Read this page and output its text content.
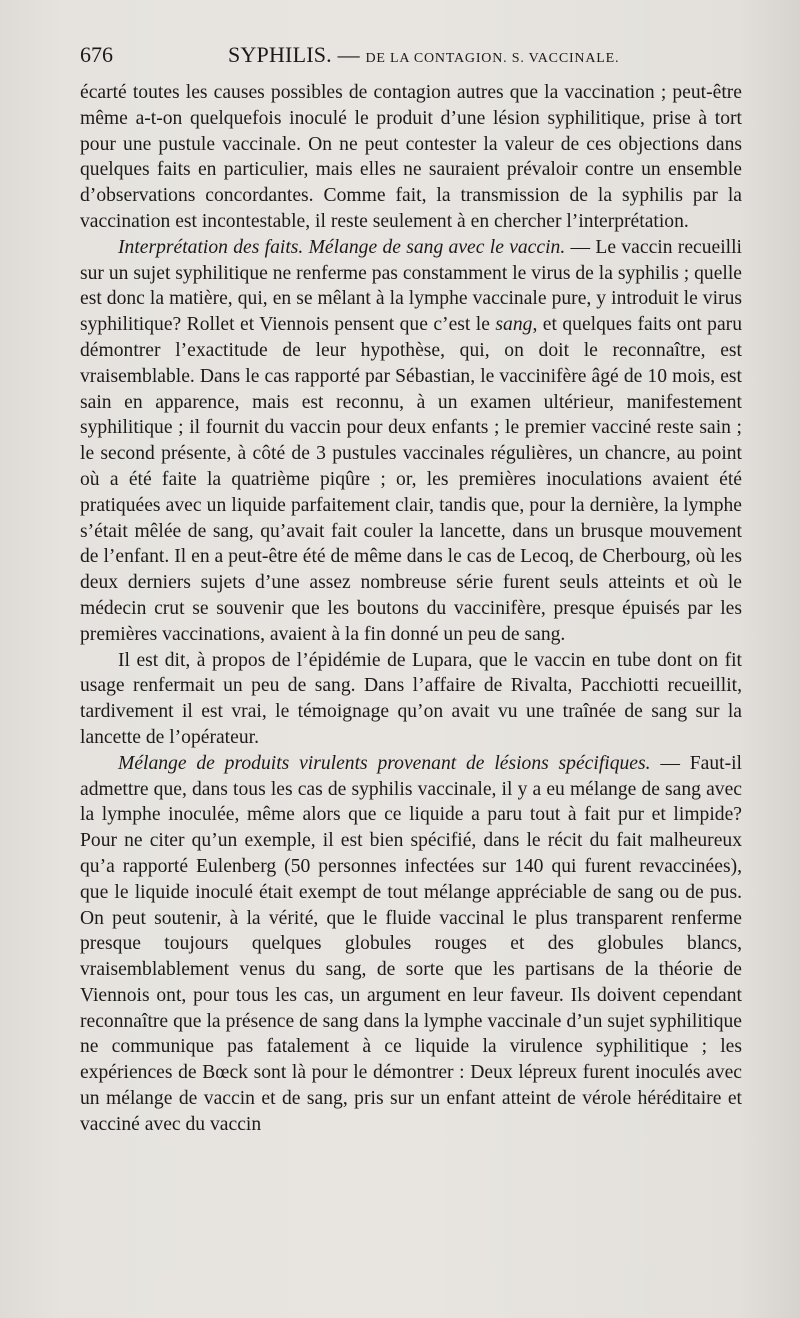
676	SYPHILIS. — DE LA CONTAGION. S. VACCINALE.

écarté toutes les causes possibles de contagion autres que la vaccination ; peut-être même a-t-on quelquefois inoculé le produit d’une lésion syphilitique, prise à tort pour une pustule vaccinale. On ne peut contester la valeur de ces objections dans quelques faits en particulier, mais elles ne sauraient prévaloir contre un ensemble d’observations concordantes. Comme fait, la transmission de la syphilis par la vaccination est incontestable, il reste seulement à en chercher l’interprétation.

Interprétation des faits. Mélange de sang avec le vaccin. — Le vaccin recueilli sur un sujet syphilitique ne renferme pas constamment le virus de la syphilis ; quelle est donc la matière, qui, en se mêlant à la lymphe vaccinale pure, y introduit le virus syphilitique? Rollet et Viennois pensent que c’est le sang, et quelques faits ont paru démontrer l’exactitude de leur hypothèse, qui, on doit le reconnaître, est vraisemblable. Dans le cas rapporté par Sébastian, le vaccinifère âgé de 10 mois, est sain en apparence, mais est reconnu, à un examen ultérieur, manifestement syphilitique ; il fournit du vaccin pour deux enfants ; le premier vacciné reste sain ; le second présente, à côté de 3 pustules vaccinales régulières, un chancre, au point où a été faite la quatrième piqûre ; or, les premières inoculations avaient été pratiquées avec un liquide parfaitement clair, tandis que, pour la dernière, la lymphe s’était mêlée de sang, qu’avait fait couler la lancette, dans un brusque mouvement de l’enfant. Il en a peut-être été de même dans le cas de Lecoq, de Cherbourg, où les deux derniers sujets d’une assez nombreuse série furent seuls atteints et où le médecin crut se souvenir que les boutons du vaccinifère, presque épuisés par les premières vaccinations, avaient à la fin donné un peu de sang.

Il est dit, à propos de l’épidémie de Lupara, que le vaccin en tube dont on fit usage renfermait un peu de sang. Dans l’affaire de Rivalta, Pacchiotti recueillit, tardivement il est vrai, le témoignage qu’on avait vu une traînée de sang sur la lancette de l’opérateur.

Mélange de produits virulents provenant de lésions spécifiques. — Faut-il admettre que, dans tous les cas de syphilis vaccinale, il y a eu mélange de sang avec la lymphe inoculée, même alors que ce liquide a paru tout à fait pur et limpide? Pour ne citer qu’un exemple, il est bien spécifié, dans le récit du fait malheureux qu’a rapporté Eulenberg (50 personnes infectées sur 140 qui furent revaccinées), que le liquide inoculé était exempt de tout mélange appréciable de sang ou de pus. On peut soutenir, à la vérité, que le fluide vaccinal le plus transparent renferme presque toujours quelques globules rouges et des globules blancs, vraisemblablement venus du sang, de sorte que les partisans de la théorie de Viennois ont, pour tous les cas, un argument en leur faveur. Ils doivent cependant reconnaître que la présence de sang dans la lymphe vaccinale d’un sujet syphilitique ne communique pas fatalement à ce liquide la virulence syphilitique ; les expériences de Bœck sont là pour le démontrer : Deux lépreux furent inoculés avec un mélange de vaccin et de sang, pris sur un enfant atteint de vérole héréditaire et vacciné avec du vaccin
